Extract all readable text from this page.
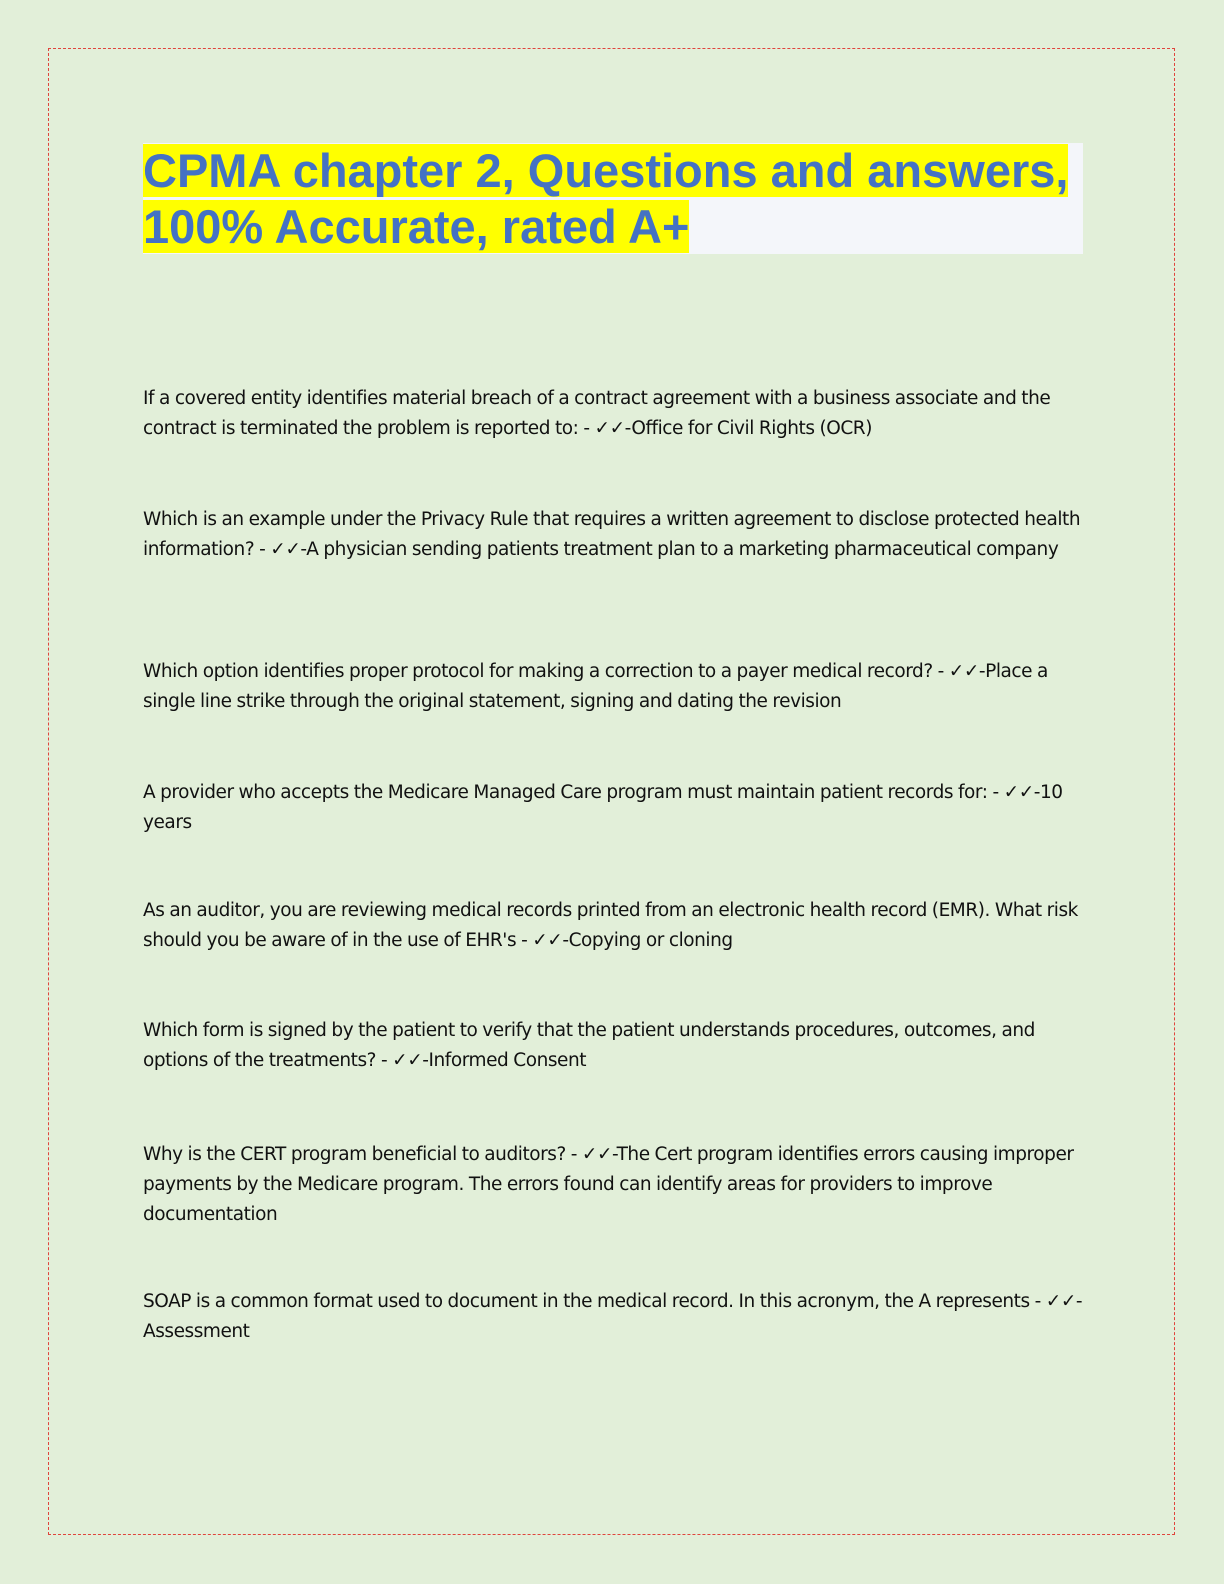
CPMA chapter 2, Questions and answers, 100% Accurate, rated A+

If a covered entity identifies material breach of a contract agreement with a business associate and the contract is terminated the problem is reported to: - ✓✓-Office for Civil Rights (OCR)

Which is an example under the Privacy Rule that requires a written agreement to disclose protected health information? - ✓✓-A physician sending patients treatment plan to a marketing pharmaceutical company

Which option identifies proper protocol for making a correction to a payer medical record? - ✓✓-Place a single line strike through the original statement, signing and dating the revision

A provider who accepts the Medicare Managed Care program must maintain patient records for: - ✓✓-10 years

As an auditor, you are reviewing medical records printed from an electronic health record (EMR). What risk should you be aware of in the use of EHR's - ✓✓-Copying or cloning

Which form is signed by the patient to verify that the patient understands procedures, outcomes, and options of the treatments? - ✓✓-Informed Consent

Why is the CERT program beneficial to auditors? - ✓✓-The Cert program identifies errors causing improper payments by the Medicare program. The errors found can identify areas for providers to improve documentation

SOAP is a common format used to document in the medical record. In this acronym, the A represents - ✓✓-Assessment
